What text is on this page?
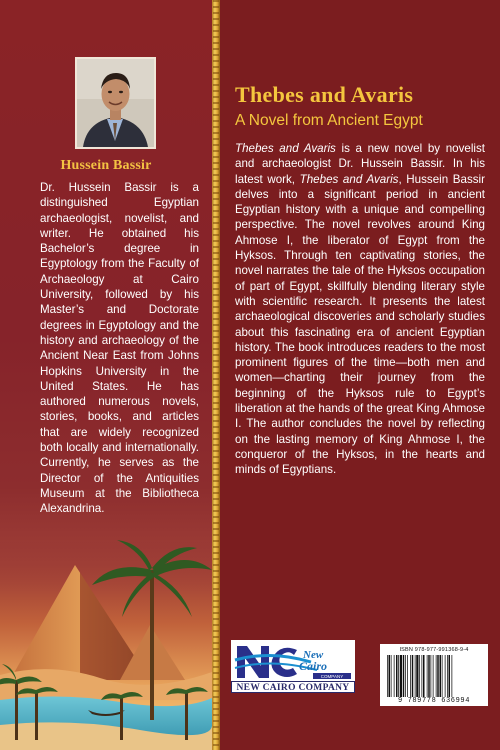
Hussein Bassir
Dr. Hussein Bassir is a distinguished Egyptian archaeologist, novelist, and writer. He obtained his Bachelor’s degree in Egyptology from the Faculty of Archaeology at Cairo University, followed by his Master’s and Doctorate degrees in Egyptology and the history and archaeology of the Ancient Near East from Johns Hopkins University in the United States. He has authored numerous novels, stories, books, and articles that are widely recognized both locally and internationally. Currently, he serves as the Director of the Antiquities Museum at the Bibliotheca Alexandrina.
Thebes and Avaris
A Novel from Ancient Egypt
Thebes and Avaris is a new novel by novelist and archaeologist Dr. Hussein Bassir. In his latest work, Thebes and Avaris, Hussein Bassir delves into a significant period in ancient Egyptian history with a unique and compelling perspective. The novel revolves around King Ahmose I, the liberator of Egypt from the Hyksos. Through ten captivating stories, the novel narrates the tale of the Hyksos occupation of part of Egypt, skillfully blending literary style with scientific research. It presents the latest archaeological discoveries and scholarly studies about this fascinating era of ancient Egyptian history. The book introduces readers to the most prominent figures of the time—both men and women—charting their journey from the beginning of the Hyksos rule to Egypt’s liberation at the hands of the great King Ahmose I. The author concludes the novel by reflecting on the lasting memory of King Ahmose I, the conqueror of the Hyksos, in the hearts and minds of Egyptians.
New
Cairo
COMPANY
NEW CAIRO COMPANY
ISBN 978-977-991368-9-4
9 789778 636994
